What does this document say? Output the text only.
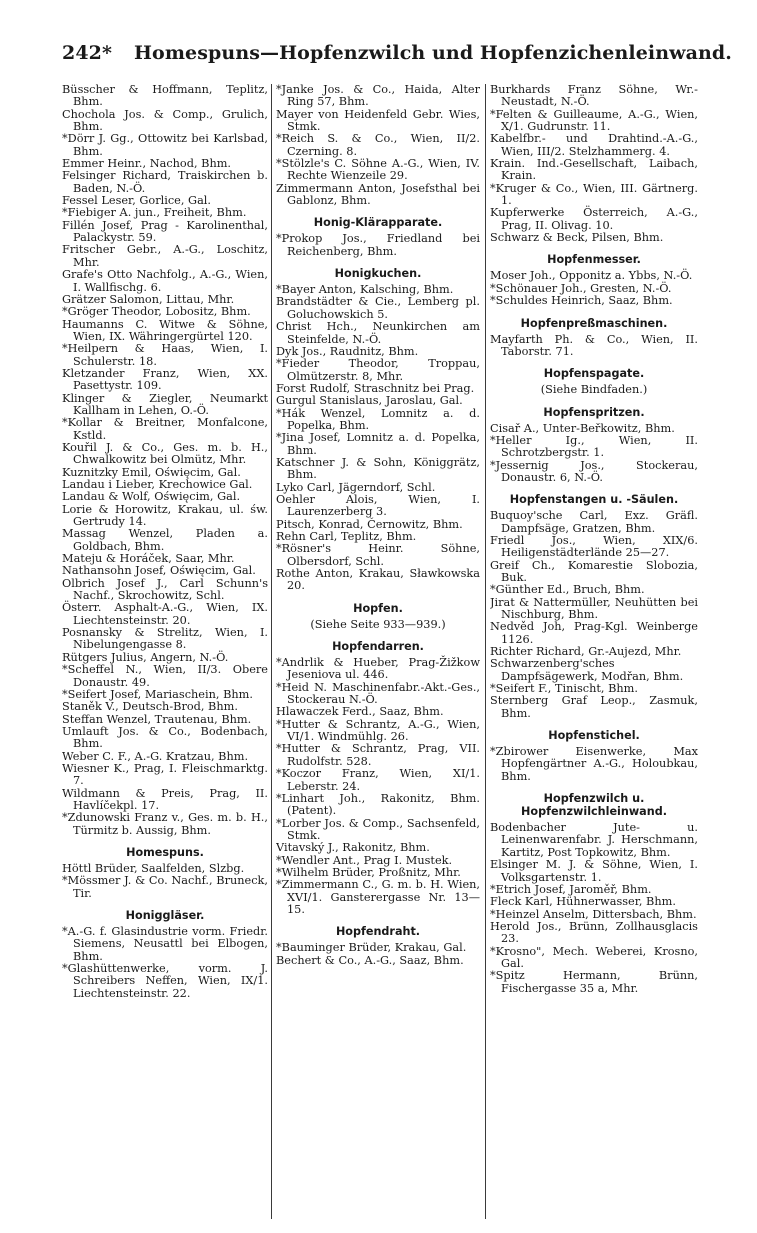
242* Homespuns—Hopfenzwilch und Hopfenzichenleinwand.

Büsscher & Hoffmann, Teplitz, Bhm.

Chochola Jos. & Comp., Grulich, Bhm.

*Dörr J. Gg., Ottowitz bei Karlsbad, Bhm.

Emmer Heinr., Nachod, Bhm.

Felsinger Richard, Traiskirchen b. Baden, N.-Ö.

Fessel Leser, Gorlice, Gal.

*Fiebiger A. jun., Freiheit, Bhm.

Fillén Josef, Prag - Karolinenthal, Palackystr. 59.

Fritscher Gebr., A.-G., Loschitz, Mhr.

Grafe's Otto Nachfolg., A.-G., Wien, I. Wallfischg. 6.

Grätzer Salomon, Littau, Mhr.

*Gröger Theodor, Lobositz, Bhm.

Haumanns C. Witwe & Söhne, Wien, IX. Währingergürtel 120.

*Heilpern & Haas, Wien, I. Schulerstr. 18.

Kletzander Franz, Wien, XX. Pasettystr. 109.

Klinger & Ziegler, Neumarkt Kallham in Lehen, O.-Ö.

*Kollar & Breitner, Monfalcone, Kstld.

Kouřil J. & Co., Ges. m. b. H., Chwalkowitz bei Olmütz, Mhr.

Kuznitzky Emil, Oświęcim, Gal.

Landau i Lieber, Krechowice Gal.

Landau & Wolf, Oświęcim, Gal.

Lorie & Horowitz, Krakau, ul. św. Gertrudy 14.

Massag Wenzel, Pladen a. Goldbach, Bhm.

Mateju & Horáček, Saar, Mhr.

Nathansohn Josef, Oświęcim, Gal.

Olbrich Josef J., Carl Schunn's Nachf., Skrochowitz, Schl.

Österr. Asphalt-A.-G., Wien, IX. Liechtensteinstr. 20.

Posnansky & Strelitz, Wien, I. Nibelungengasse 8.

Rütgers Julius, Angern, N.-Ö.

*Scheffel N., Wien, II/3. Obere Donaustr. 49.

*Seifert Josef, Mariaschein, Bhm.

Staněk V., Deutsch-Brod, Bhm.

Steffan Wenzel, Trautenau, Bhm.

Umlauft Jos. & Co., Bodenbach, Bhm.

Weber C. F., A.-G. Kratzau, Bhm.

Wiesner K., Prag, I. Fleischmarktg. 7.

Wildmann & Preis, Prag, II. Havlíčekpl. 17.

*Zdunowski Franz v., Ges. m. b. H., Türmitz b. Aussig, Bhm.

Homespuns.

Höttl Brüder, Saalfelden, Slzbg.

*Mössmer J. & Co. Nachf., Bruneck, Tir.

Honiggläser.

*A.-G. f. Glasindustrie vorm. Friedr. Siemens, Neusattl bei Elbogen, Bhm.

*Glashüttenwerke, vorm. J. Schreibers Neffen, Wien, IX/1. Liechtensteinstr. 22.

*Janke Jos. & Co., Haida, Alter Ring 57, Bhm.

Mayer von Heidenfeld Gebr. Wies, Stmk.

*Reich S. & Co., Wien, II/2. Czerning. 8.

*Stölzle's C. Söhne A.-G., Wien, IV. Rechte Wienzeile 29.

Zimmermann Anton, Josefsthal bei Gablonz, Bhm.

Honig-Klärapparate.

*Prokop Jos., Friedland bei Reichenberg, Bhm.

Honigkuchen.

*Bayer Anton, Kalsching, Bhm.

Brandstädter & Cie., Lemberg pl. Goluchowskich 5.

Christ Hch., Neunkirchen am Steinfelde, N.-Ö.

Dyk Jos., Raudnitz, Bhm.

*Fieder Theodor, Troppau, Olmützerstr. 8, Mhr.

Forst Rudolf, Straschnitz bei Prag.

Gurgul Stanislaus, Jaroslau, Gal.

*Hák Wenzel, Lomnitz a. d. Popelka, Bhm.

*Jina Josef, Lomnitz a. d. Popelka, Bhm.

Katschner J. & Sohn, Königgrätz, Bhm.

Lyko Carl, Jägerndorf, Schl.

Oehler Alois, Wien, I. Laurenzerberg 3.

Pitsch, Konrad, Černowitz, Bhm.

Rehn Carl, Teplitz, Bhm.

*Rösner's Heinr. Söhne, Olbersdorf, Schl.

Rothe Anton, Krakau, Sławkowska 20.

Hopfen.
(Siehe Seite 933—939.)
Hopfendarren.

*Andrlik & Hueber, Prag-Žižkow Jeseniova ul. 446.

*Heid N. Maschinenfabr.-Akt.-Ges., Stockerau N.-Ö.

Hlawaczek Ferd., Saaz, Bhm.

*Hutter & Schrantz, A.-G., Wien, VI/1. Windmühlg. 26.

*Hutter & Schrantz, Prag, VII. Rudolfstr. 528.

*Koczor Franz, Wien, XI/1. Leberstr. 24.

*Linhart Joh., Rakonitz, Bhm. (Patent).

*Lorber Jos. & Comp., Sachsenfeld, Stmk.

Vitavský J., Rakonitz, Bhm.

*Wendler Ant., Prag I. Mustek.

*Wilhelm Brüder, Proßnitz, Mhr.

*Zimmermann C., G. m. b. H. Wien, XVI/1. Gansterergasse Nr. 13—15.

Hopfendraht.

*Bauminger Brüder, Krakau, Gal.

Bechert & Co., A.-G., Saaz, Bhm.

Burkhards Franz Söhne, Wr.-Neustadt, N.-Ö.

*Felten & Guilleaume, A.-G., Wien, X/1. Gudrunstr. 11.

Kabelfbr.- und Drahtind.-A.-G., Wien, III/2. Stelzhammerg. 4.

Krain. Ind.-Gesellschaft, Laibach, Krain.

*Kruger & Co., Wien, III. Gärtnerg. 1.

Kupferwerke Österreich, A.-G., Prag, II. Olivag. 10.

Schwarz & Beck, Pilsen, Bhm.

Hopfenmesser.

Moser Joh., Opponitz a. Ybbs, N.-Ö.

*Schönauer Joh., Gresten, N.-Ö.

*Schuldes Heinrich, Saaz, Bhm.

Hopfenpreßmaschinen.

Mayfarth Ph. & Co., Wien, II. Taborstr. 71.

Hopfenspagate.
(Siehe Bindfaden.)
Hopfenspritzen.

Cisař A., Unter-Beřkowitz, Bhm.

*Heller Ig., Wien, II. Schrotzbergstr. 1.

*Jessernig Jos., Stockerau, Donaustr. 6, N.-Ö.

Hopfenstangen u. -Säulen.

Buquoy'sche Carl, Exz. Gräfl. Dampfsäge, Gratzen, Bhm.

Friedl Jos., Wien, XIX/6. Heiligenstädterlände 25—27.

Greif Ch., Komarestie Slobozia, Buk.

*Günther Ed., Bruch, Bhm.

Jirat & Nattermüller, Neuhütten bei Nischburg, Bhm.

Nedvěd Joh, Prag-Kgl. Weinberge 1126.

Richter Richard, Gr.-Aujezd, Mhr.

Schwarzenberg'sches Dampfsägewerk, Modřan, Bhm.

*Seifert F., Tinischt, Bhm.

Sternberg Graf Leop., Zasmuk, Bhm.

Hopfenstichel.

*Zbirower Eisenwerke, Max Hopfengärtner A.-G., Holoubkau, Bhm.

Hopfenzwilch u. Hopfenzwilchleinwand.

Bodenbacher Jute- u. Leinenwarenfabr. J. Herschmann, Kartitz, Post Topkowitz, Bhm.

Elsinger M. J. & Söhne, Wien, I. Volksgartenstr. 1.

*Etrich Josef, Jaroměř, Bhm.

Fleck Karl, Hühnerwasser, Bhm.

*Heinzel Anselm, Dittersbach, Bhm.

Herold Jos., Brünn, Zollhausglacis 23.

*Krosno", Mech. Weberei, Krosno, Gal.

*Spitz Hermann, Brünn, Fischergasse 35 a, Mhr.
